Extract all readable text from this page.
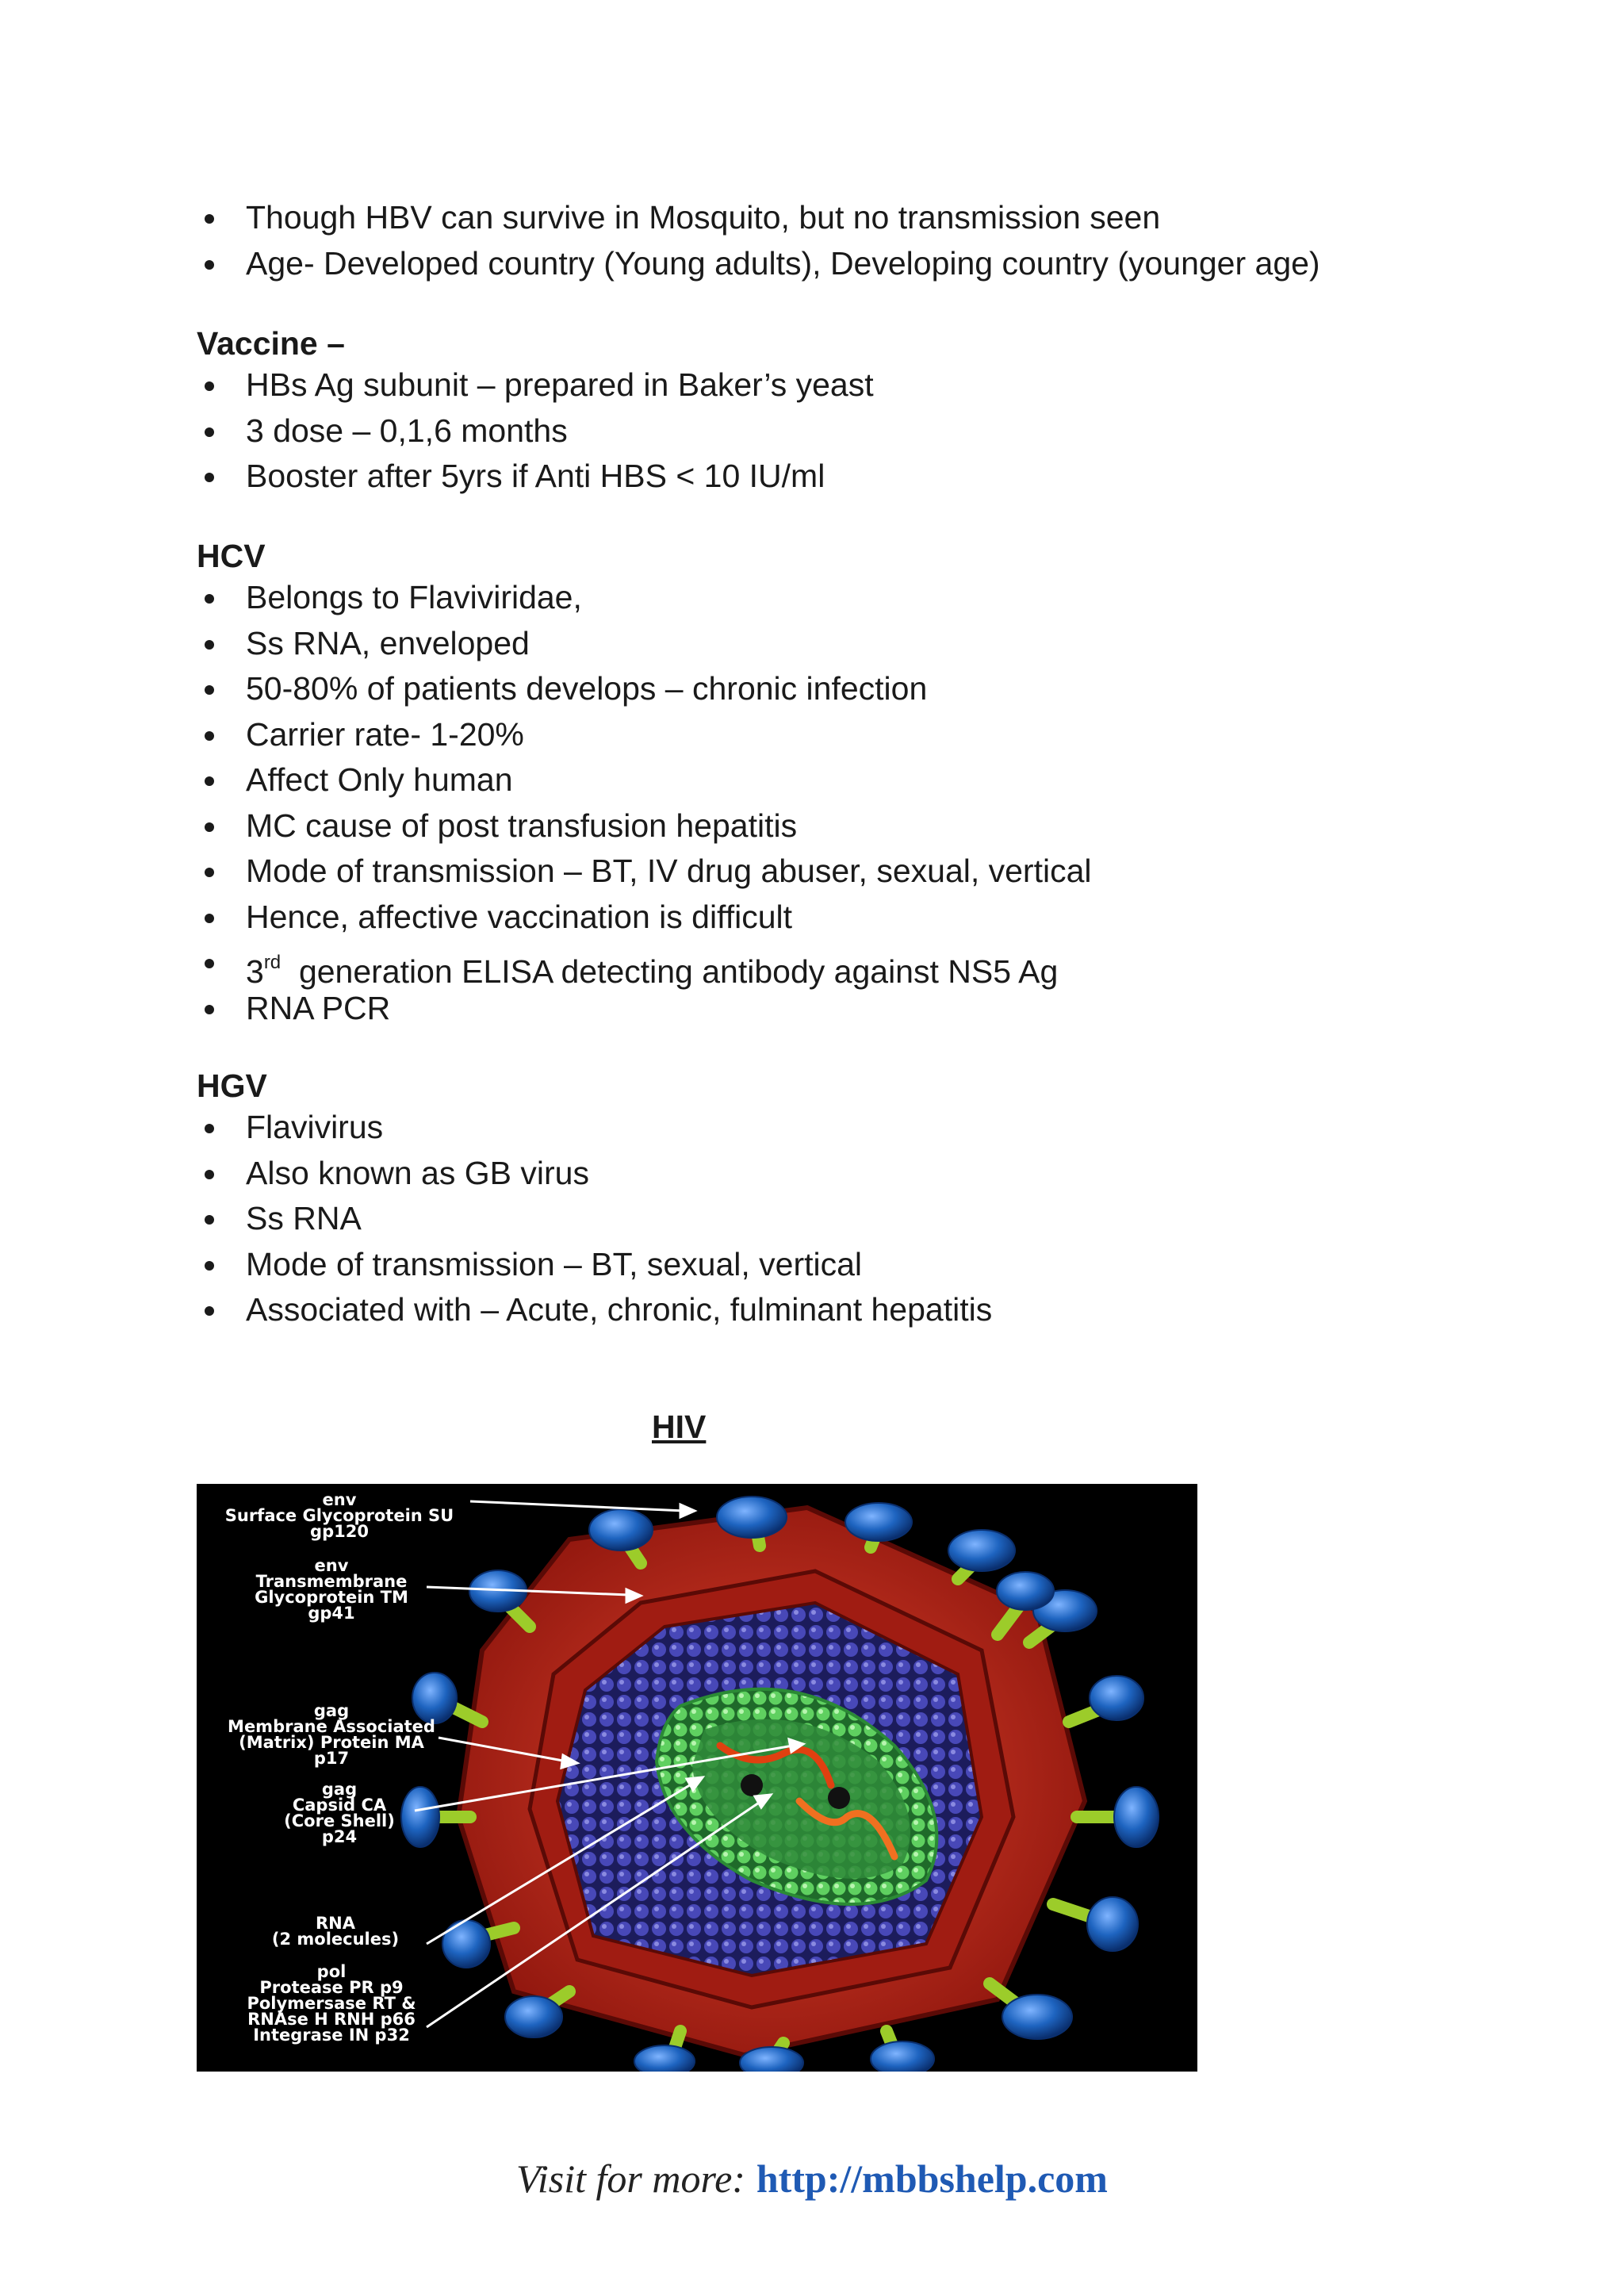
Though HBV can survive in Mosquito, but no transmission seen
Age- Developed country (Young adults), Developing country (younger age)
Vaccine –
HBs Ag subunit – prepared in Baker’s yeast
3 dose – 0,1,6 months
Booster after 5yrs if Anti HBS < 10 IU/ml
HCV
Belongs to Flaviviridae,
Ss RNA, enveloped
50-80% of patients develops – chronic infection
Carrier rate- 1-20%
Affect Only human
MC cause of post transfusion hepatitis
Mode of transmission – BT, IV drug abuser, sexual, vertical
Hence, affective vaccination is difficult
3rd  generation ELISA detecting antibody against NS5 Ag
RNA PCR
HGV
Flavivirus
Also known as GB virus
Ss RNA
Mode of transmission – BT, sexual, vertical
Associated with – Acute, chronic, fulminant hepatitis
HIV
env
Surface Glycoprotein SU
gp120
env
Transmembrane
Glycoprotein TM
gp41
gag
Membrane Associated
(Matrix) Protein MA
p17
gag
Capsid CA
(Core Shell)
p24
RNA
(2 molecules)
pol
Protease PR p9
Polymersase RT &
RNAse H RNH p66
Integrase IN p32
Visit for more: http://mbbshelp.com
